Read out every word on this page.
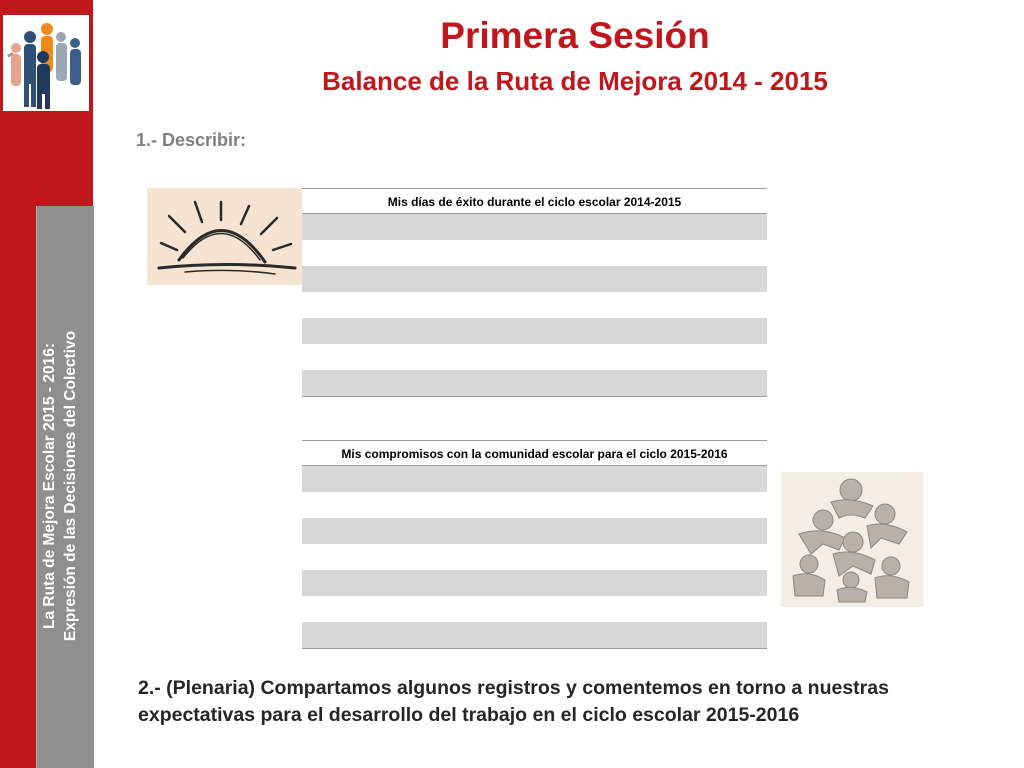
La Ruta de Mejora Escolar 2015 - 2016: Expresión de las Decisiones del Colectivo
Primera Sesión
Balance de la Ruta de Mejora 2014 - 2015
1.- Describir:
Mis días de éxito durante el ciclo escolar 2014-2015
Mis compromisos con la comunidad escolar para el ciclo 2015-2016

2.- (Plenaria) Compartamos algunos registros y comentemos en torno a nuestras expectativas para el desarrollo del trabajo en el ciclo escolar 2015-2016
